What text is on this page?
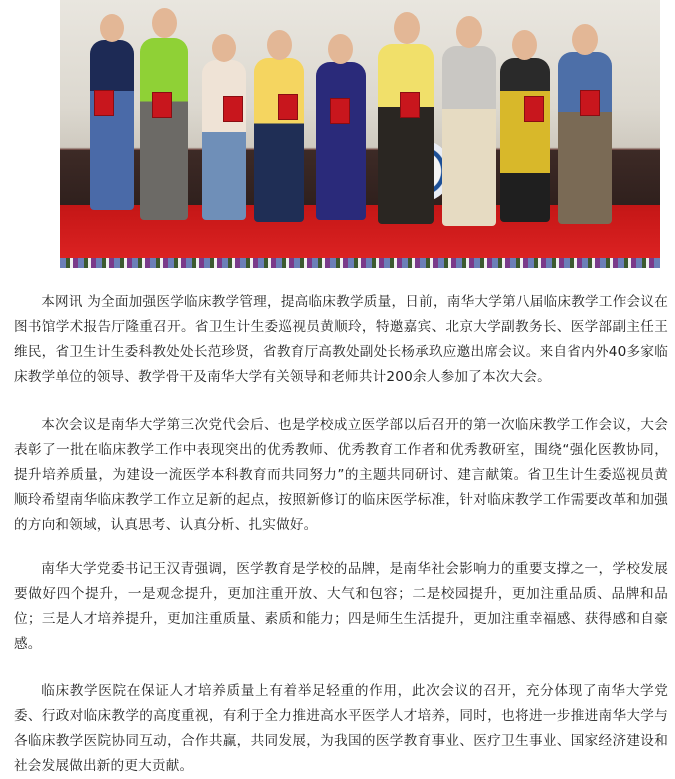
本网讯 为全面加强医学临床教学管理，提高临床教学质量，日前，南华大学第八届临床教学工作会议在图书馆学术报告厅隆重召开。省卫生计生委巡视员黄顺玲，特邀嘉宾、北京大学副教务长、医学部副主任王维民，省卫生计生委科教处处长范珍贤，省教育厅高教处副处长杨承玖应邀出席会议。来自省内外40多家临床教学单位的领导、教学骨干及南华大学有关领导和老师共计200余人参加了本次大会。

本次会议是南华大学第三次党代会后、也是学校成立医学部以后召开的第一次临床教学工作会议，大会表彰了一批在临床教学工作中表现突出的优秀教师、优秀教育工作者和优秀教研室，围绕“强化医教协同，提升培养质量，为建设一流医学本科教育而共同努力”的主题共同研讨、建言献策。省卫生计生委巡视员黄顺玲希望南华临床教学工作立足新的起点，按照新修订的临床医学标准，针对临床教学工作需要改革和加强的方向和领域，认真思考、认真分析、扎实做好。

南华大学党委书记王汉青强调，医学教育是学校的品牌，是南华社会影响力的重要支撑之一，学校发展要做好四个提升，一是观念提升，更加注重开放、大气和包容；二是校园提升，更加注重品质、品牌和品位；三是人才培养提升，更加注重质量、素质和能力；四是师生生活提升，更加注重幸福感、获得感和自豪感。

临床教学医院在保证人才培养质量上有着举足轻重的作用，此次会议的召开，充分体现了南华大学党委、行政对临床教学的高度重视，有利于全力推进高水平医学人才培养，同时，也将进一步推进南华大学与各临床教学医院协同互动，合作共赢，共同发展，为我国的医学教育事业、医疗卫生事业、国家经济建设和社会发展做出新的更大贡献。
